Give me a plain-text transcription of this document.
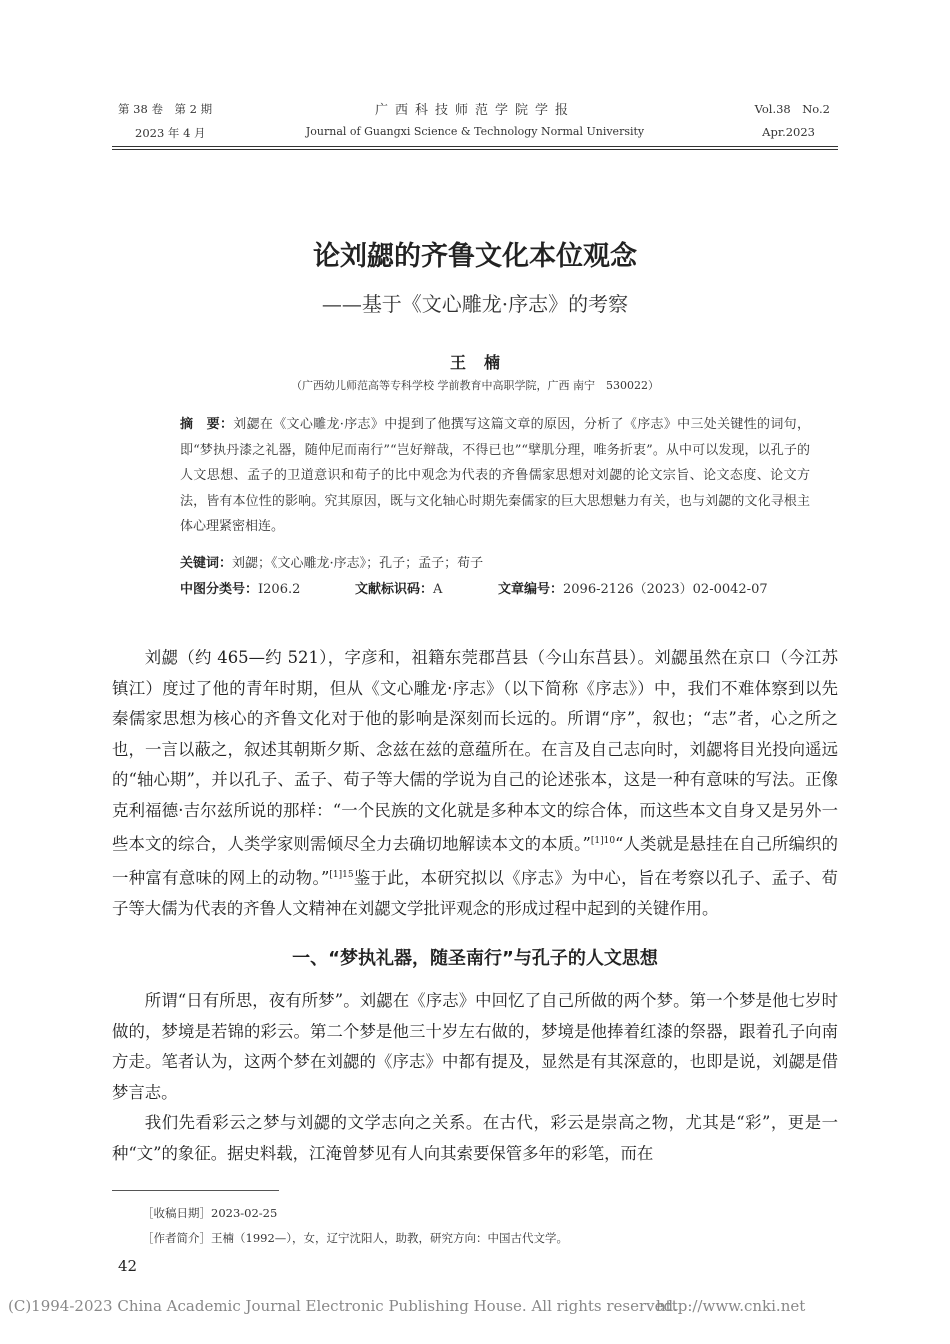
第 38 卷　第 2 期
2023 年 4 月
广西科技师范学院学报
Journal of Guangxi Science & Technology Normal University
Vol.38　No.2
Apr.2023
论刘勰的齐鲁文化本位观念
——基于《文心雕龙·序志》的考察
王楠
（广西幼儿师范高等专科学校 学前教育中高职学院，广西 南宁　530022）
摘　要：刘勰在《文心雕龙·序志》中提到了他撰写这篇文章的原因，分析了《序志》中三处关键性的词句，即“梦执丹漆之礼器，随仲尼而南行”“岂好辩哉，不得已也”“擘肌分理，唯务折衷”。从中可以发现，以孔子的人文思想、孟子的卫道意识和荀子的比中观念为代表的齐鲁儒家思想对刘勰的论文宗旨、论文态度、论文方法，皆有本位性的影响。究其原因，既与文化轴心时期先秦儒家的巨大思想魅力有关，也与刘勰的文化寻根主体心理紧密相连。
关键词：刘勰；《文心雕龙·序志》；孔子；孟子；荀子
中图分类号：I206.2	文献标识码：A	文章编号：2096-2126（2023）02-0042-07

刘勰（约 465—约 521），字彦和，祖籍东莞郡莒县（今山东莒县）。刘勰虽然在京口（今江苏镇江）度过了他的青年时期，但从《文心雕龙·序志》（以下简称《序志》）中，我们不难体察到以先秦儒家思想为核心的齐鲁文化对于他的影响是深刻而长远的。所谓“序”，叙也；“志”者，心之所之也，一言以蔽之，叙述其朝斯夕斯、念兹在兹的意蕴所在。在言及自己志向时，刘勰将目光投向遥远的“轴心期”，并以孔子、孟子、荀子等大儒的学说为自己的论述张本，这是一种有意味的写法。正像克利福德·吉尔兹所说的那样：“一个民族的文化就是多种本文的综合体，而这些本文自身又是另外一些本文的综合，人类学家则需倾尽全力去确切地解读本文的本质。”$^{[1]10}$“人类就是悬挂在自己所编织的一种富有意味的网上的动物。”$^{[1]15}$鉴于此，本研究拟以《序志》为中心，旨在考察以孔子、孟子、荀子等大儒为代表的齐鲁人文精神在刘勰文学批评观念的形成过程中起到的关键作用。

一、“梦执礼器，随圣南行”与孔子的人文思想

所谓“日有所思，夜有所梦”。刘勰在《序志》中回忆了自己所做的两个梦。第一个梦是他七岁时做的，梦境是若锦的彩云。第二个梦是他三十岁左右做的，梦境是他捧着红漆的祭器，跟着孔子向南方走。笔者认为，这两个梦在刘勰的《序志》中都有提及，显然是有其深意的，也即是说，刘勰是借梦言志。

我们先看彩云之梦与刘勰的文学志向之关系。在古代，彩云是崇高之物，尤其是“彩”，更是一种“文”的象征。据史料载，江淹曾梦见有人向其索要保管多年的彩笔，而在

［收稿日期］2023-02-25
［作者简介］王楠（1992—），女，辽宁沈阳人，助教，研究方向：中国古代文学。
42
(C)1994-2023 China Academic Journal Electronic Publishing House. All rights reserved.
http://www.cnki.net
